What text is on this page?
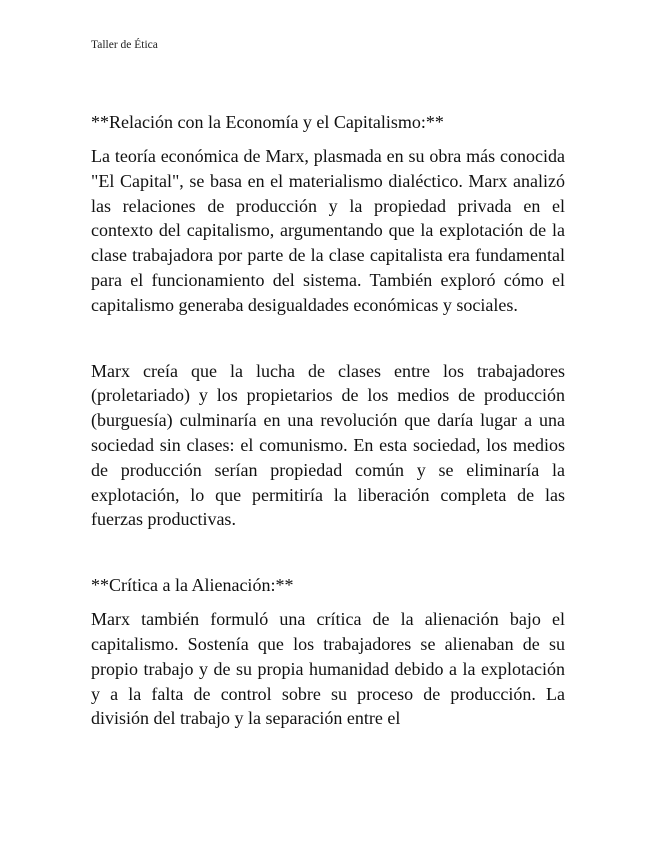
Taller de Ética
**Relación con la Economía y el Capitalismo:**

La teoría económica de Marx, plasmada en su obra más conocida "El Capital", se basa en el materialismo dialéctico. Marx analizó las relaciones de producción y la propiedad privada en el contexto del capitalismo, argumentando que la explotación de la clase trabajadora por parte de la clase capitalista era fundamental para el funcionamiento del sistema. También exploró cómo el capitalismo generaba desigualdades económicas y sociales.

Marx creía que la lucha de clases entre los trabajadores (proletariado) y los propietarios de los medios de producción (burguesía) culminaría en una revolución que daría lugar a una sociedad sin clases: el comunismo. En esta sociedad, los medios de producción serían propiedad común y se eliminaría la explotación, lo que permitiría la liberación completa de las fuerzas productivas.

**Crítica a la Alienación:**

Marx también formuló una crítica de la alienación bajo el capitalismo. Sostenía que los trabajadores se alienaban de su propio trabajo y de su propia humanidad debido a la explotación y a la falta de control sobre su proceso de producción. La división del trabajo y la separación entre el
